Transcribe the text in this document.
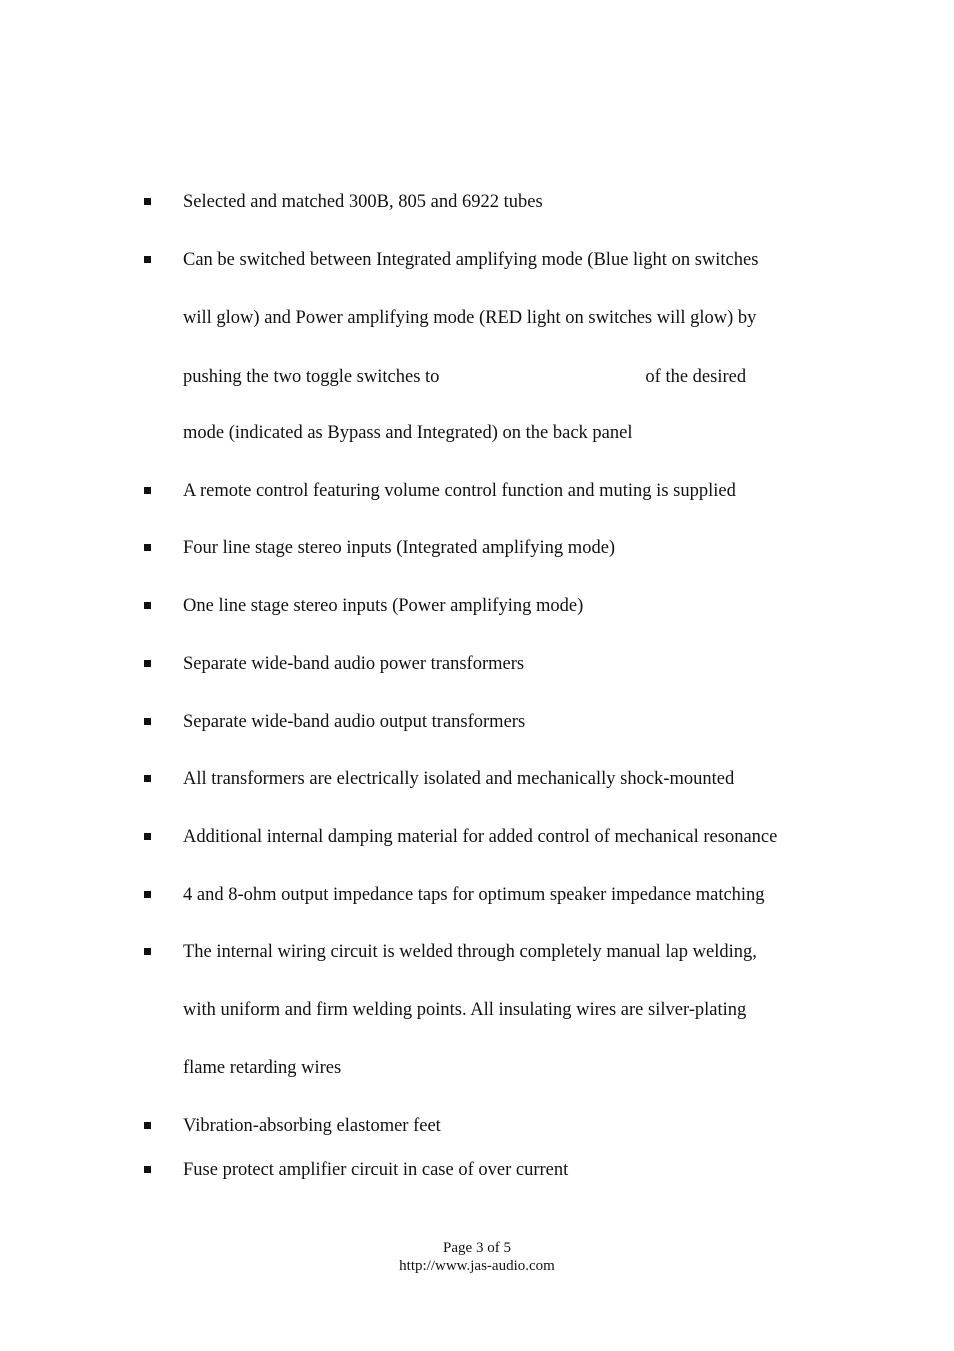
Selected and matched 300B, 805 and 6922 tubes
Can be switched between Integrated amplifying mode (Blue light on switches
will glow) and Power amplifying mode (RED light on switches will glow) by
pushing the two toggle switches to	of the desired
mode (indicated as Bypass and Integrated) on the back panel
A remote control featuring volume control function and muting is supplied
Four line stage stereo inputs (Integrated amplifying mode)
One line stage stereo inputs (Power amplifying mode)
Separate wide-band audio power transformers
Separate wide-band audio output transformers
All transformers are electrically isolated and mechanically shock-mounted
Additional internal damping material for added control of mechanical resonance
4 and 8-ohm output impedance taps for optimum speaker impedance matching
The internal wiring circuit is welded through completely manual lap welding,
with uniform and firm welding points. All insulating wires are silver-plating
flame retarding wires
Vibration-absorbing elastomer feet
Fuse protect amplifier circuit in case of over current
Page 3 of 5
http://www.jas-audio.com
